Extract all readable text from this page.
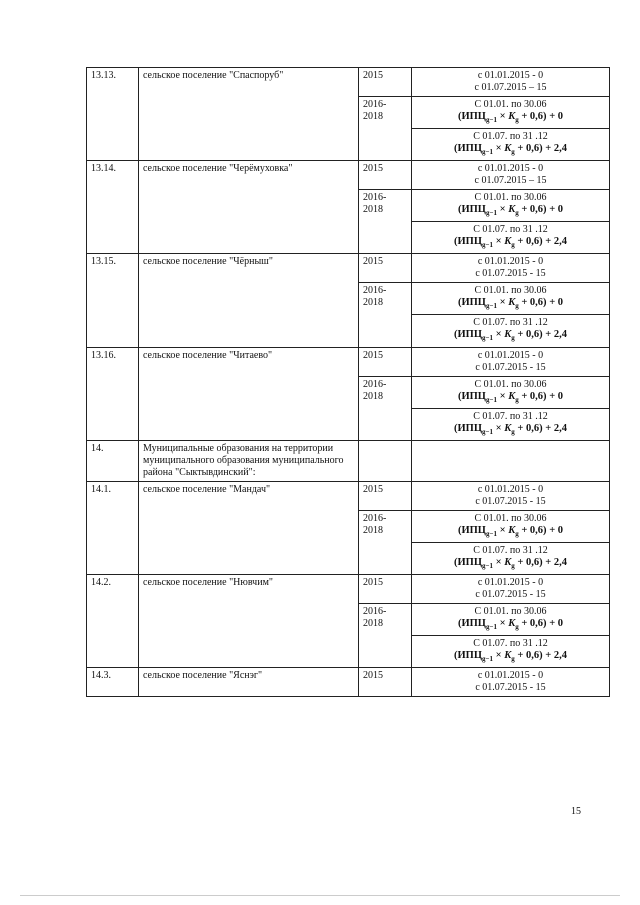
13.13.	сельское поселение "Спаспоруб"	2015	с 01.01.2015 - 0
с 01.07.2015 – 15

		2016-
2018	С 01.01. по 30.06
$(ИПЦ_{g-1} \times K_g + 0,6) + 0$

			С 01.07. по 31 .12
$(ИПЦ_{g-1} \times K_g + 0,6) + 2,4$

13.14.	сельское поселение "Черёмуховка"	2015	с 01.01.2015 - 0
с 01.07.2015 – 15

		2016-
2018	С 01.01. по 30.06
$(ИПЦ_{g-1} \times K_g + 0,6) + 0$

			С 01.07. по 31 .12
$(ИПЦ_{g-1} \times K_g + 0,6) + 2,4$

13.15.	сельское поселение "Чёрныш"	2015	с 01.01.2015 - 0
с 01.07.2015 - 15

		2016-
2018	С 01.01. по 30.06
$(ИПЦ_{g-1} \times K_g + 0,6) + 0$

			С 01.07. по 31 .12
$(ИПЦ_{g-1} \times K_g + 0,6) + 2,4$

13.16.	сельское поселение "Читаево"	2015	с 01.01.2015 - 0
с 01.07.2015 - 15

		2016-
2018	С 01.01. по 30.06
$(ИПЦ_{g-1} \times K_g + 0,6) + 0$

			С 01.07. по 31 .12
$(ИПЦ_{g-1} \times K_g + 0,6) + 2,4$

14.	Муниципальные образования на территории муниципального образования муниципального района "Сыктывдинский":		
14.1.	сельское поселение "Мандач"	2015	с 01.01.2015 - 0
с 01.07.2015 - 15

		2016-
2018	С 01.01. по 30.06
$(ИПЦ_{g-1} \times K_g + 0,6) + 0$

			С 01.07. по 31 .12
$(ИПЦ_{g-1} \times K_g + 0,6) + 2,4$

14.2.	сельское поселение "Нювчим"	2015	с 01.01.2015 - 0
с 01.07.2015 - 15

		2016-
2018	С 01.01. по 30.06
$(ИПЦ_{g-1} \times K_g + 0,6) + 0$

			С 01.07. по 31 .12
$(ИПЦ_{g-1} \times K_g + 0,6) + 2,4$

14.3.	сельское поселение "Яснэг"	2015	с 01.01.2015 - 0
с 01.07.2015 - 15
15
